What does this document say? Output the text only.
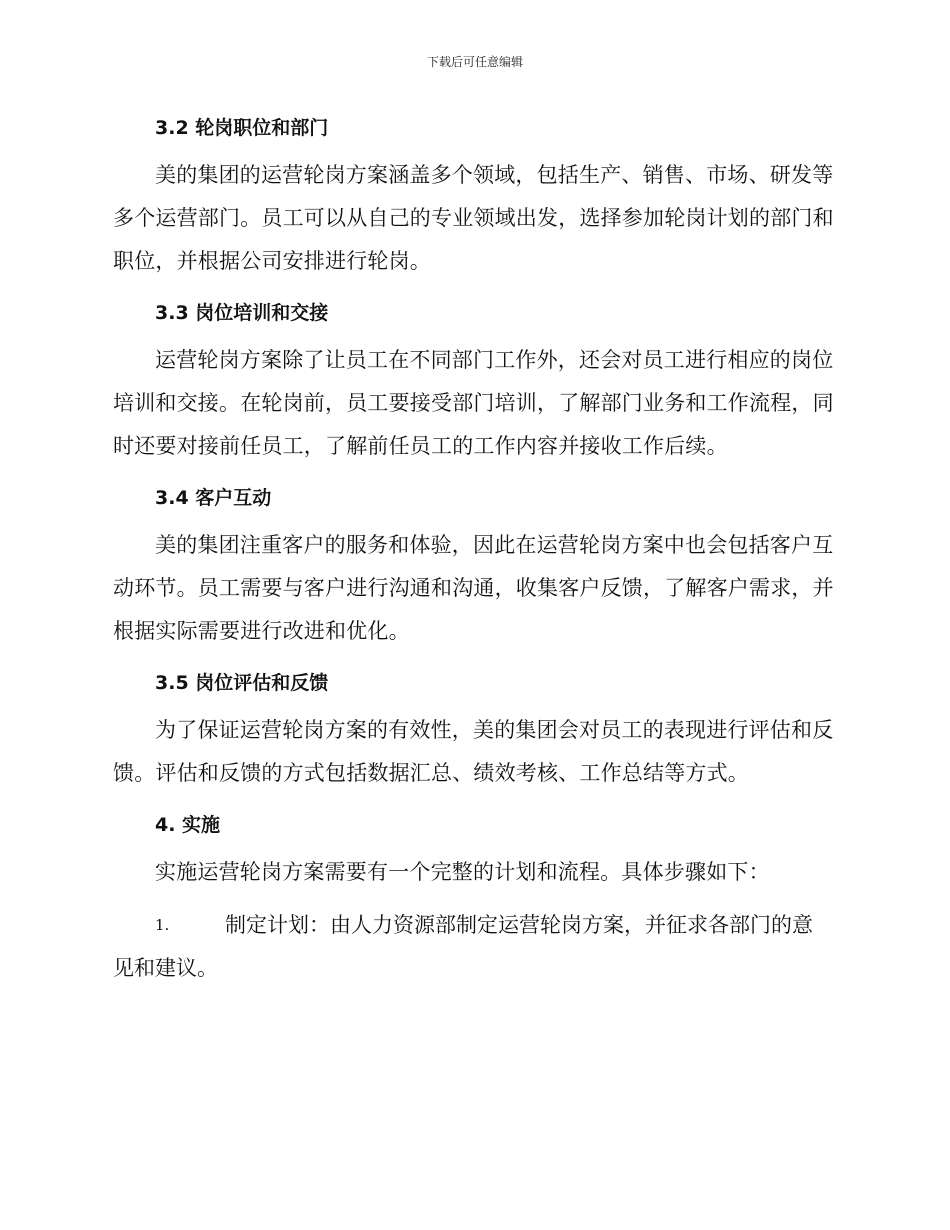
下载后可任意编辑
3.2 轮岗职位和部门

美的集团的运营轮岗方案涵盖多个领域，包括生产、销售、市场、研发等多个运营部门。员工可以从自己的专业领域出发，选择参加轮岗计划的部门和职位，并根据公司安排进行轮岗。

3.3 岗位培训和交接

运营轮岗方案除了让员工在不同部门工作外，还会对员工进行相应的岗位培训和交接。在轮岗前，员工要接受部门培训，了解部门业务和工作流程，同时还要对接前任员工，了解前任员工的工作内容并接收工作后续。

3.4 客户互动

美的集团注重客户的服务和体验，因此在运营轮岗方案中也会包括客户互动环节。员工需要与客户进行沟通和沟通，收集客户反馈，了解客户需求，并根据实际需要进行改进和优化。

3.5 岗位评估和反馈

为了保证运营轮岗方案的有效性，美的集团会对员工的表现进行评估和反馈。评估和反馈的方式包括数据汇总、绩效考核、工作总结等方式。

4. 实施

实施运营轮岗方案需要有一个完整的计划和流程。具体步骤如下：

1.	制定计划：由人力资源部制定运营轮岗方案，并征求各部门的意

见和建议。
